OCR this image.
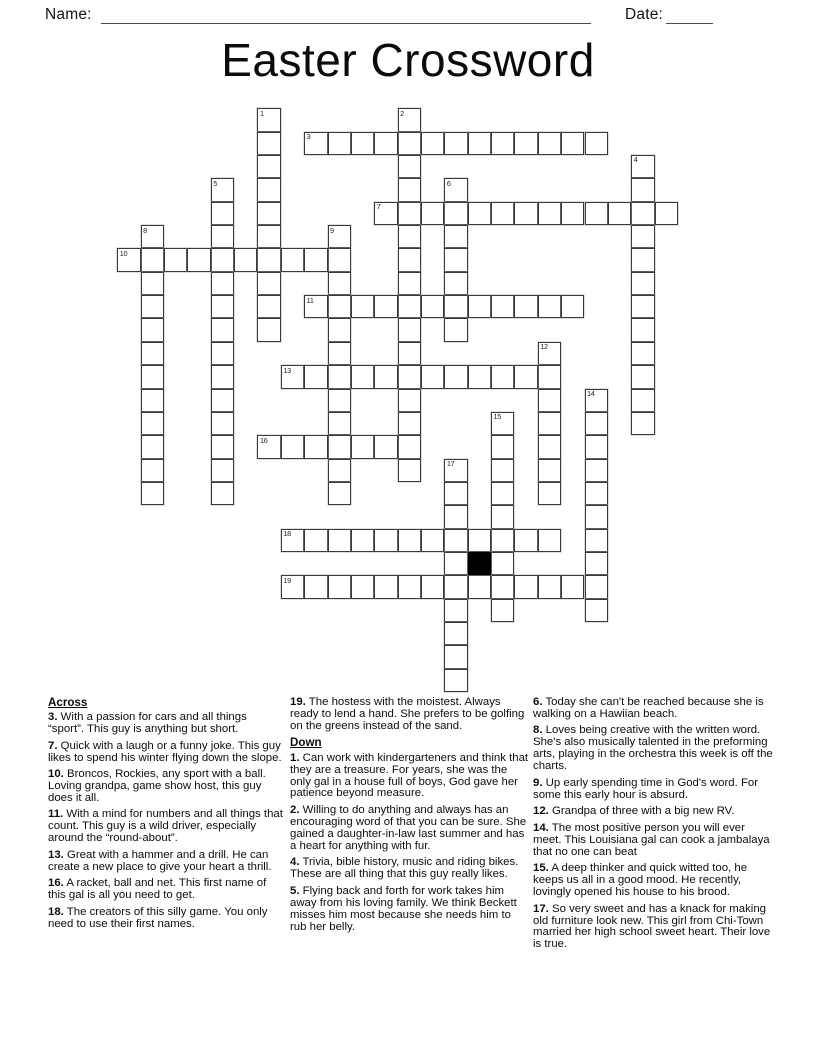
Name:	Date:
Easter Crossword
1	2
3
4
5	6
7
8	9
10
11
12
13
14
15
16
17
18
19
Across
3. With a passion for cars and all things “sport”. This guy is anything but short.
7. Quick with a laugh or a funny joke. This guy likes to spend his winter flying down the slope.
10. Broncos, Rockies, any sport with a ball. Loving grandpa, game show host, this guy does it all.
11. With a mind for numbers and all things that count. This guy is a wild driver, especially around the “round-about”.
13. Great with a hammer and a drill. He can create a new place to give your heart a thrill.
16. A racket, ball and net. This first name of this gal is all you need to get.
18. The creators of this silly game. You only need to use their first names.
19. The hostess with the moistest. Always ready to lend a hand. She prefers to be golfing on the greens instead of the sand.
Down
1. Can work with kindergarteners and think that they are a treasure. For years, she was the only gal in a house full of boys, God gave her patience beyond measure.
2. Willing to do anything and always has an encouraging word of that you can be sure. She gained a daughter-in-law last summer and has a heart for anything with fur.
4. Trivia, bible history, music and riding bikes. These are all thing that this guy really likes.
5. Flying back and forth for work takes him away from his loving family. We think Beckett misses him most because she needs him to rub her belly.
6. Today she can't be reached because she is walking on a Hawiian beach.
8. Loves being creative with the written word. She's also musically talented in the preforming arts, playing in the orchestra this week is off the charts.
9. Up early spending time in God's word. For some this early hour is absurd.
12. Grandpa of three with a big new RV.
14. The most positive person you will ever meet. This Louisiana gal can cook a jambalaya that no one can beat
15. A deep thinker and quick witted too, he keeps us all in a good mood. He recently, lovingly opened his house to his brood.
17. So very sweet and has a knack for making old furniture look new. This girl from Chi-Town married her high school sweet heart. Their love is true.
